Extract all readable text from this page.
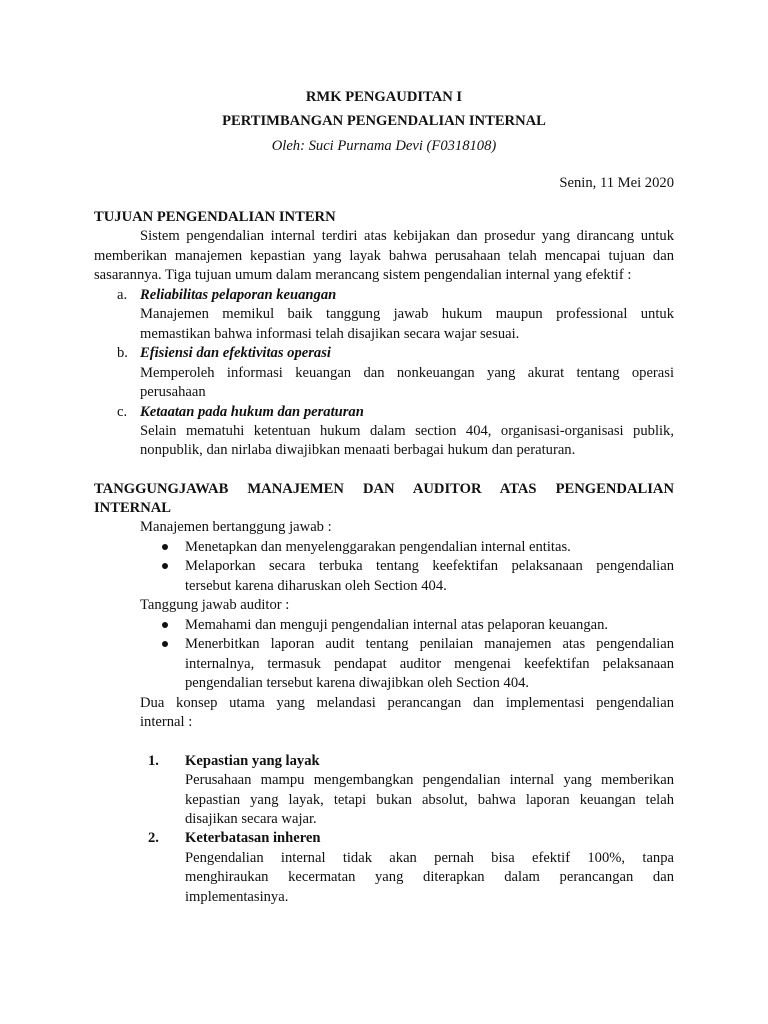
RMK PENGAUDITAN I
PERTIMBANGAN PENGENDALIAN INTERNAL
Oleh: Suci Purnama Devi (F0318108)
Senin, 11 Mei 2020
TUJUAN PENGENDALIAN INTERN
Sistem pengendalian internal terdiri atas kebijakan dan prosedur yang dirancang untuk
memberikan manajemen kepastian yang layak bahwa perusahaan telah mencapai tujuan dan
sasarannya. Tiga tujuan umum dalam merancang sistem pengendalian internal yang efektif :
a. Reliabilitas pelaporan keuangan
Manajemen memikul baik tanggung jawab hukum maupun professional untuk
memastikan bahwa informasi telah disajikan secara wajar sesuai.
b. Efisiensi dan efektivitas operasi
Memperoleh informasi keuangan dan nonkeuangan yang akurat tentang operasi
perusahaan
c. Ketaatan pada hukum dan peraturan
Selain mematuhi ketentuan hukum dalam section 404, organisasi-organisasi publik,
nonpublik, dan nirlaba diwajibkan menaati berbagai hukum dan peraturan.
TANGGUNGJAWAB MANAJEMEN DAN AUDITOR ATAS PENGENDALIAN
INTERNAL
Manajemen bertanggung jawab :
Menetapkan dan menyelenggarakan pengendalian internal entitas.
Melaporkan secara terbuka tentang keefektifan pelaksanaan pengendalian
tersebut karena diharuskan oleh Section 404.
Tanggung jawab auditor :
Memahami dan menguji pengendalian internal atas pelaporan keuangan.
Menerbitkan laporan audit tentang penilaian manajemen atas pengendalian
internalnya, termasuk pendapat auditor mengenai keefektifan pelaksanaan
pengendalian tersebut karena diwajibkan oleh Section 404.
Dua konsep utama yang melandasi perancangan dan implementasi pengendalian
internal :
1. Kepastian yang layak
Perusahaan mampu mengembangkan pengendalian internal yang memberikan
kepastian yang layak, tetapi bukan absolut, bahwa laporan keuangan telah
disajikan secara wajar.
2. Keterbatasan inheren
Pengendalian internal tidak akan pernah bisa efektif 100%, tanpa
menghiraukan kecermatan yang diterapkan dalam perancangan dan
implementasinya.
